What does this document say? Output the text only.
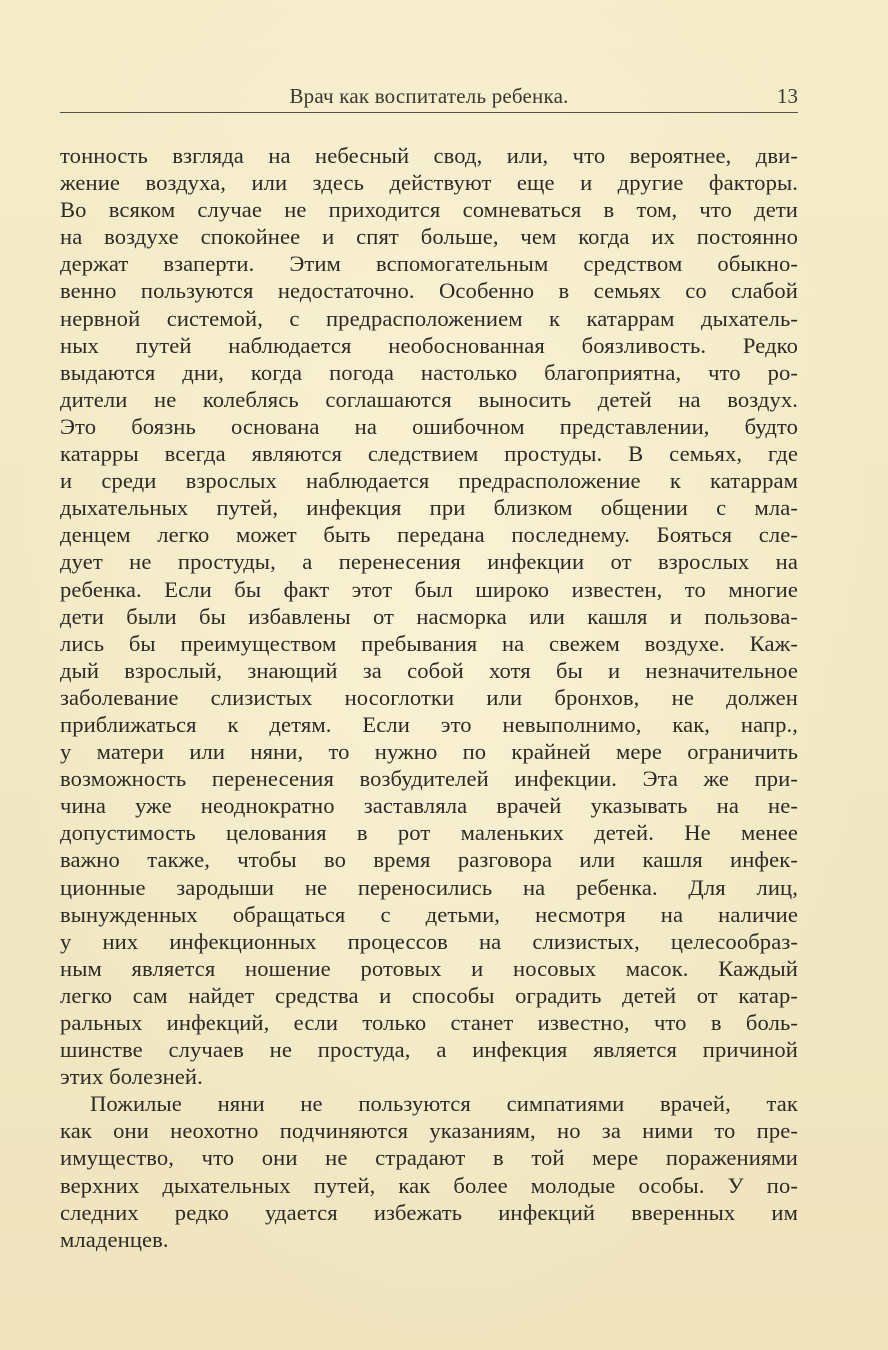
Врач как воспитатель ребенка.	13
тонность взгляда на небесный свод, или, что вероятнее, дви-
жение воздуха, или здесь действуют еще и другие факторы.
Во всяком случае не приходится сомневаться в том, что дети
на воздухе спокойнее и спят больше, чем когда их постоянно
держат взаперти. Этим вспомогательным средством обыкно-
венно пользуются недостаточно. Особенно в семьях со слабой
нервной системой, с предрасположением к катаррам дыхатель-
ных путей наблюдается необоснованная боязливость. Редко
выдаются дни, когда погода настолько благоприятна, что ро-
дители не колеблясь соглашаются выносить детей на воздух.
Это боязнь основана на ошибочном представлении, будто
катарры всегда являются следствием простуды. В семьях, где
и среди взрослых наблюдается предрасположение к катаррам
дыхательных путей, инфекция при близком общении с мла-
денцем легко может быть передана последнему. Бояться сле-
дует не простуды, а перенесения инфекции от взрослых на
ребенка. Если бы факт этот был широко известен, то многие
дети были бы избавлены от насморка или кашля и пользова-
лись бы преимуществом пребывания на свежем воздухе. Каж-
дый взрослый, знающий за собой хотя бы и незначительное
заболевание слизистых носоглотки или бронхов, не должен
приближаться к детям. Если это невыполнимо, как, напр.,
у матери или няни, то нужно по крайней мере ограничить
возможность перенесения возбудителей инфекции. Эта же при-
чина уже неоднократно заставляла врачей указывать на не-
допустимость целования в рот маленьких детей. Не менее
важно также, чтобы во время разговора или кашля инфек-
ционные зародыши не переносились на ребенка. Для лиц,
вынужденных обращаться с детьми, несмотря на наличие
у них инфекционных процессов на слизистых, целесообраз-
ным является ношение ротовых и носовых масок. Каждый
легко сам найдет средства и способы оградить детей от катар-
ральных инфекций, если только станет известно, что в боль-
шинстве случаев не простуда, а инфекция является причиной
этих болезней.
Пожилые няни не пользуются симпатиями врачей, так
как они неохотно подчиняются указаниям, но за ними то пре-
имущество, что они не страдают в той мере поражениями
верхних дыхательных путей, как более молодые особы. У по-
следних редко удается избежать инфекций вверенных им
младенцев.
